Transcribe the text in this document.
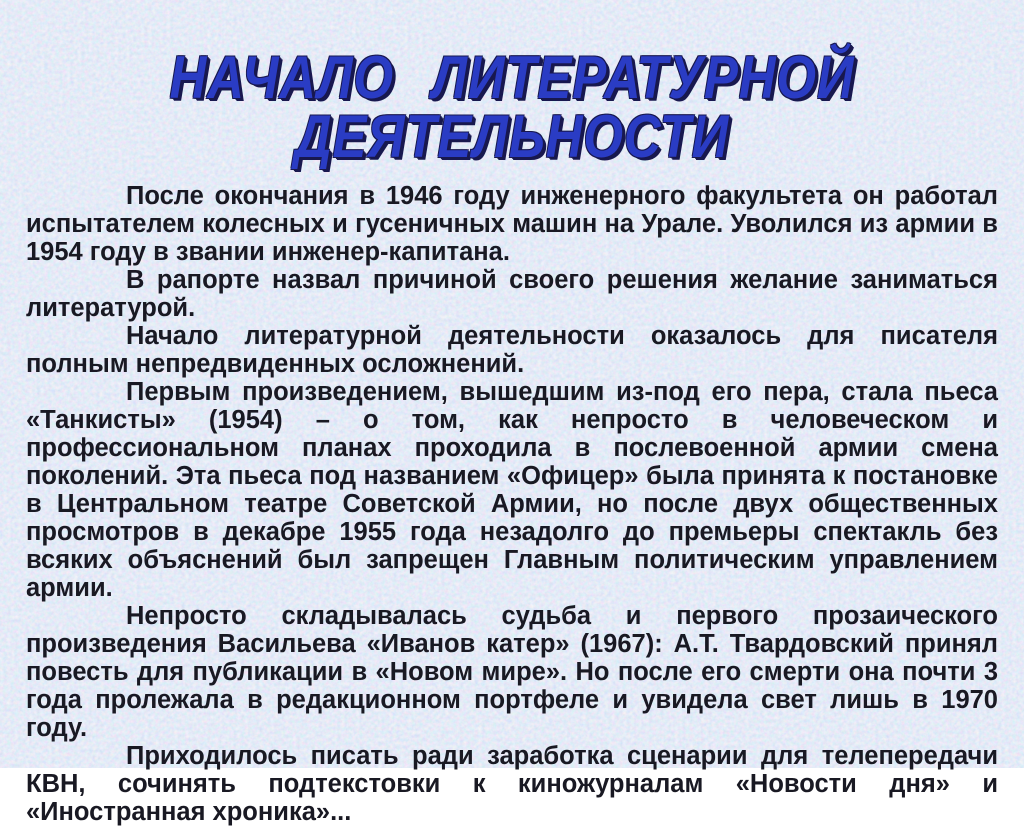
НАЧАЛО ЛИТЕРАТУРНОЙ
ДЕЯТЕЛЬНОСТИ

После окончания в 1946 году инженерного факультета он работал испытателем колесных и гусеничных машин на Урале. Уволился из армии в 1954 году в звании инженер-капитана.

В рапорте назвал причиной своего решения желание заниматься литературой.

Начало литературной деятельности оказалось для писателя полным непредвиденных осложнений.

Первым произведением, вышедшим из-под его пера, стала пьеса «Танкисты» (1954) – о том, как непросто в человеческом и профессиональном планах проходила в послевоенной армии смена поколений. Эта пьеса под названием «Офицер» была принята к постановке в Центральном театре Советской Армии, но после двух общественных просмотров в декабре 1955 года незадолго до премьеры спектакль без всяких объяснений был запрещен Главным политическим управлением армии.

Непросто складывалась судьба и первого прозаического произведения Васильева «Иванов катер» (1967): А.Т. Твардовский принял повесть для публикации в «Новом мире». Но после его смерти она почти 3 года пролежала в редакционном портфеле и увидела свет лишь в 1970 году.

Приходилось писать ради заработка сценарии для телепередачи КВН, сочинять подтекстовки к киножурналам «Новости дня» и «Иностранная хроника»...
